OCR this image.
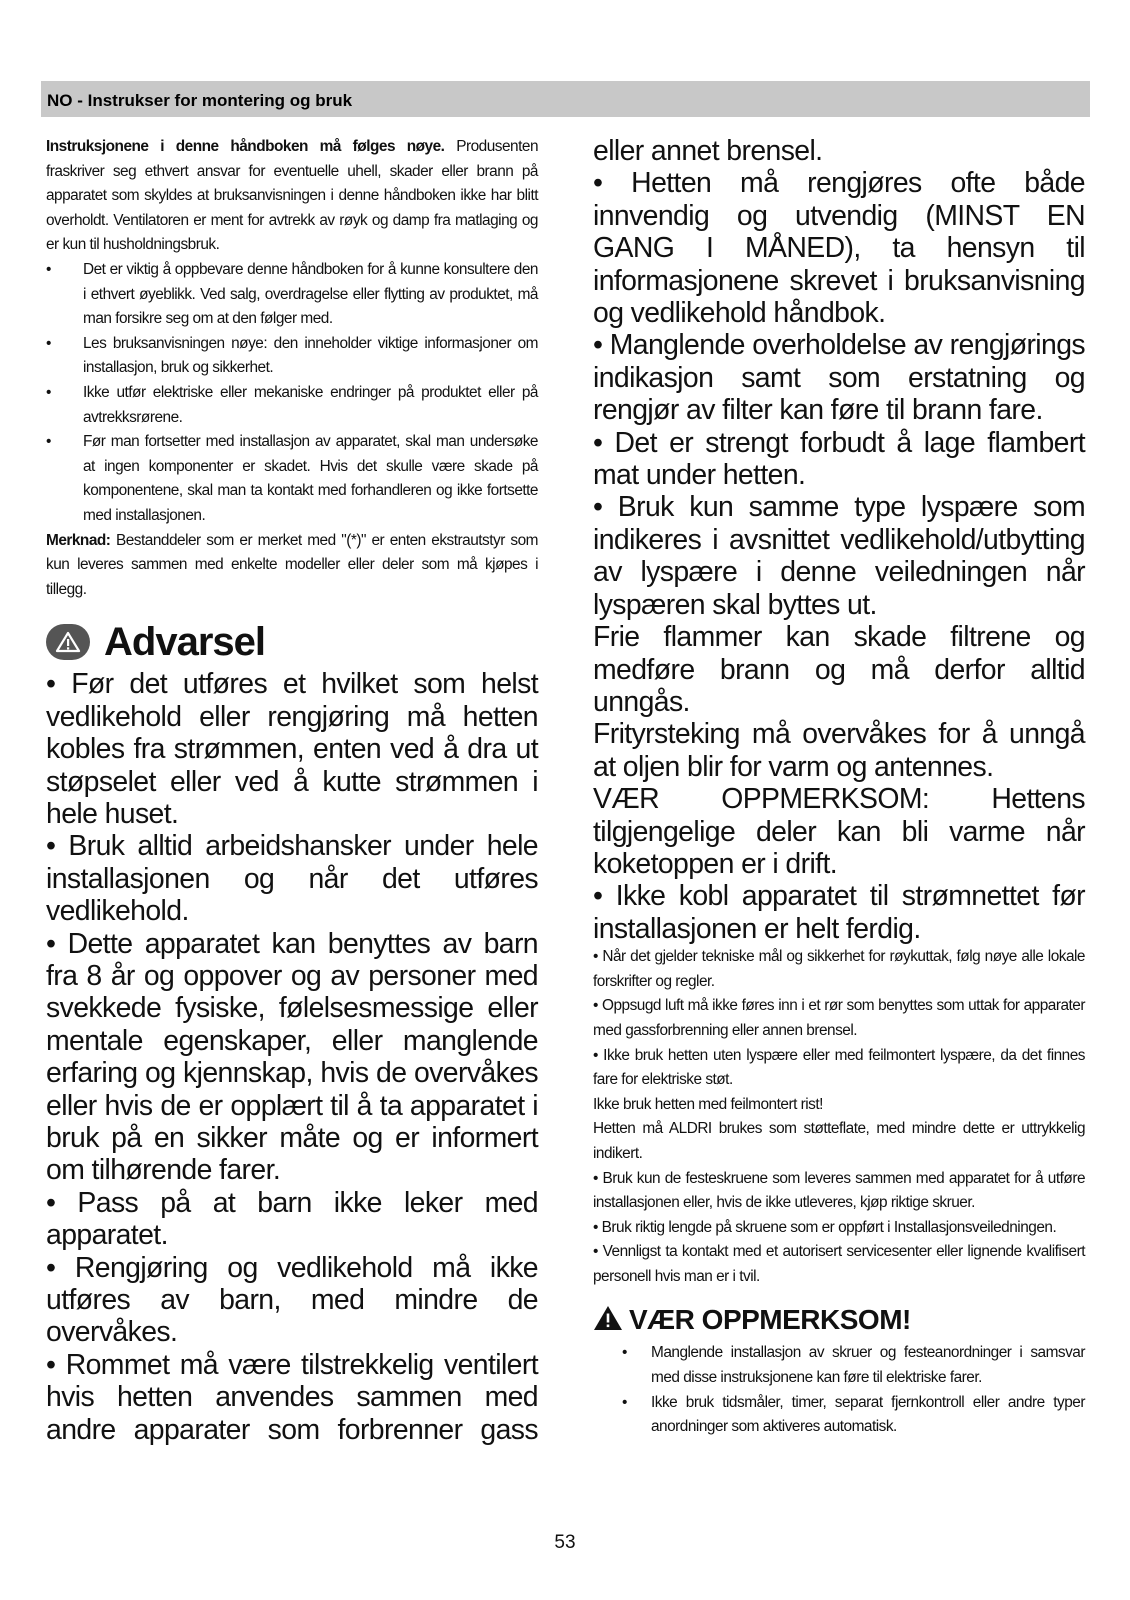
NO - Instrukser for montering og bruk

Instruksjonene i denne håndboken må følges nøye. Produsenten fraskriver seg ethvert ansvar for eventuelle uhell, skader eller brann på apparatet som skyldes at bruksanvisningen i denne håndboken ikke har blitt overholdt. Ventilatoren er ment for avtrekk av røyk og damp fra matlaging og er kun til husholdningsbruk.

• Det er viktig å oppbevare denne håndboken for å kunne konsultere den i ethvert øyeblikk. Ved salg, overdragelse eller flytting av produktet, må man forsikre seg om at den følger med.
• Les bruksanvisningen nøye: den inneholder viktige informasjoner om installasjon, bruk og sikkerhet.
• Ikke utfør elektriske eller mekaniske endringer på produktet eller på avtrekksrørene.
• Før man fortsetter med installasjon av apparatet, skal man undersøke at ingen komponenter er skadet. Hvis det skulle være skade på komponentene, skal man ta kontakt med forhandleren og ikke fortsette med installasjonen.

Merknad: Bestanddeler som er merket med "(*)" er enten ekstrautstyr som kun leveres sammen med enkelte modeller eller deler som må kjøpes i tillegg.

Advarsel

• Før det utføres et hvilket som helst vedlikehold eller rengjøring må hetten kobles fra strømmen, enten ved å dra ut støpselet eller ved å kutte strømmen i hele huset.

• Bruk alltid arbeidshansker under hele installasjonen og når det utføres vedlikehold.

• Dette apparatet kan benyttes av barn fra 8 år og oppover og av personer med svekkede fysiske, følelsesmessige eller mentale egenskaper, eller manglende erfaring og kjennskap, hvis de overvåkes eller hvis de er opplært til å ta apparatet i bruk på en sikker måte og er informert om tilhørende farer.

• Pass på at barn ikke leker med apparatet.

• Rengjøring og vedlikehold må ikke utføres av barn, med mindre de overvåkes.

• Rommet må være tilstrekkelig ventilert hvis hetten anvendes sammen med andre apparater som forbrenner gass

eller annet brensel.

• Hetten må rengjøres ofte både innvendig og utvendig (MINST EN GANG I MÅNED), ta hensyn til informasjonene skrevet i bruksanvisning og vedlikehold håndbok.

• Manglende overholdelse av rengjørings indikasjon samt som erstatning og rengjør av filter kan føre til brann fare.

• Det er strengt forbudt å lage flambert mat under hetten.

• Bruk kun samme type lyspære som indikeres i avsnittet vedlikehold/utbytting av lyspære i denne veiledningen når lyspæren skal byttes ut.

Frie flammer kan skade filtrene og medføre brann og må derfor alltid unngås.

Frityrsteking må overvåkes for å unngå at oljen blir for varm og antennes.

VÆR OPPMERKSOM: Hettens tilgjengelige deler kan bli varme når koketoppen er i drift.

• Ikke kobl apparatet til strømnettet før installasjonen er helt ferdig.

• Når det gjelder tekniske mål og sikkerhet for røykuttak, følg nøye alle lokale forskrifter og regler.

• Oppsugd luft må ikke føres inn i et rør som benyttes som uttak for apparater med gassforbrenning eller annen brensel.

• Ikke bruk hetten uten lyspære eller med feilmontert lyspære, da det finnes fare for elektriske støt.

Ikke bruk hetten med feilmontert rist!

Hetten må ALDRI brukes som støtteflate, med mindre dette er uttrykkelig indikert.

• Bruk kun de festeskruene som leveres sammen med apparatet for å utføre installasjonen eller, hvis de ikke utleveres, kjøp riktige skruer.

• Bruk riktig lengde på skruene som er oppført i Installasjonsveiledningen.

• Vennligst ta kontakt med et autorisert servicesenter eller lignende kvalifisert personell hvis man er i tvil.

VÆR OPPMERKSOM!
• Manglende installasjon av skruer og festeanordninger i samsvar med disse instruksjonene kan føre til elektriske farer.
• Ikke bruk tidsmåler, timer, separat fjernkontroll eller andre typer anordninger som aktiveres automatisk.
53
